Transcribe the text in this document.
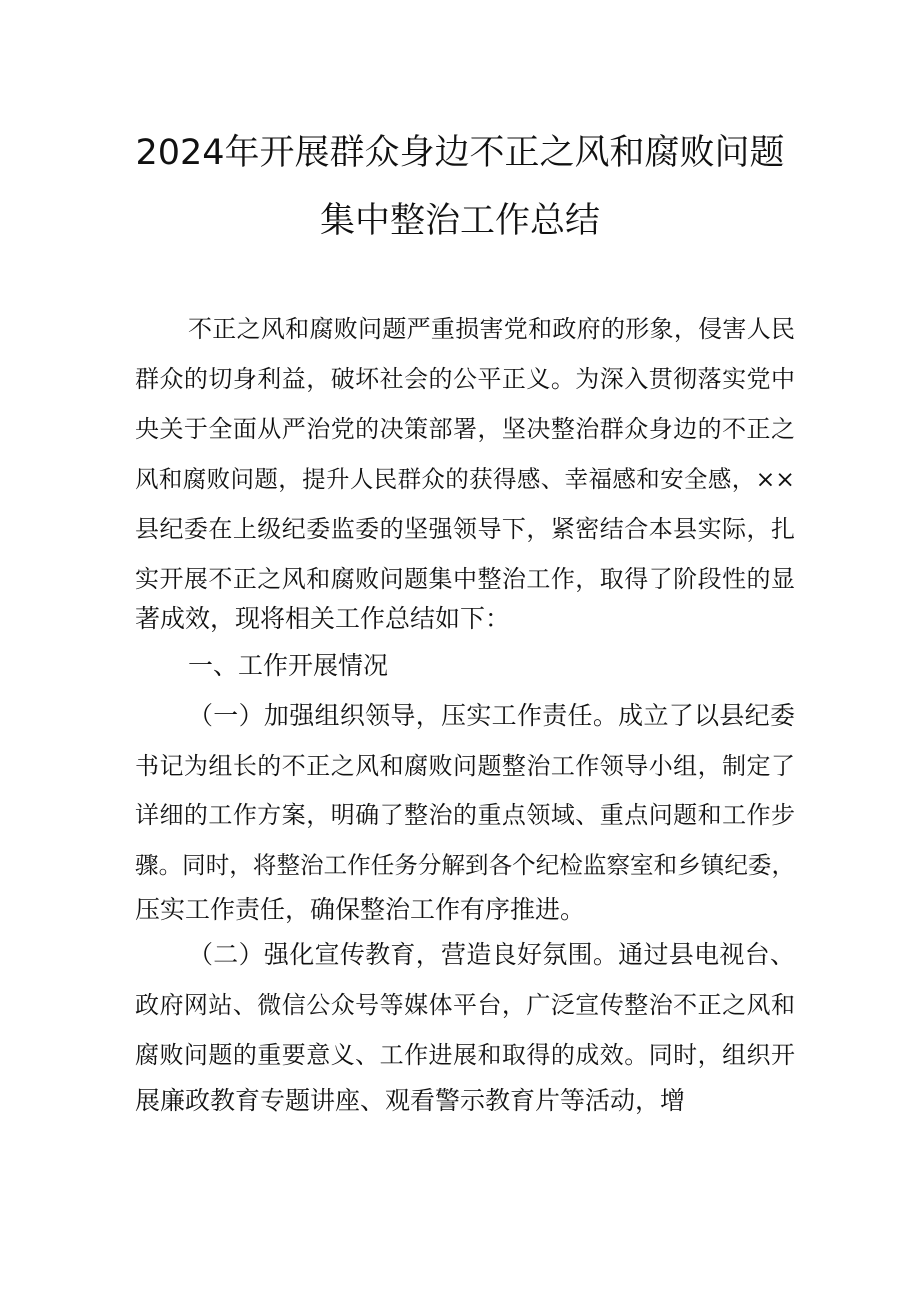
2024年开展群众身边不正之风和腐败问题
集中整治工作总结
不正之风和腐败问题严重损害党和政府的形象，侵害人民
群众的切身利益，破坏社会的公平正义。为深入贯彻落实党中
央关于全面从严治党的决策部署，坚决整治群众身边的不正之
风和腐败问题，提升人民群众的获得感、幸福感和安全感，××
县纪委在上级纪委监委的坚强领导下，紧密结合本县实际，扎
实开展不正之风和腐败问题集中整治工作，取得了阶段性的显
著成效，现将相关工作总结如下：
一、工作开展情况
（一）加强组织领导，压实工作责任。成立了以县纪委
书记为组长的不正之风和腐败问题整治工作领导小组，制定了
详细的工作方案，明确了整治的重点领域、重点问题和工作步
骤。同时，将整治工作任务分解到各个纪检监察室和乡镇纪委，
压实工作责任，确保整治工作有序推进。
（二）强化宣传教育，营造良好氛围。通过县电视台、
政府网站、微信公众号等媒体平台，广泛宣传整治不正之风和
腐败问题的重要意义、工作进展和取得的成效。同时，组织开
展廉政教育专题讲座、观看警示教育片等活动，增
